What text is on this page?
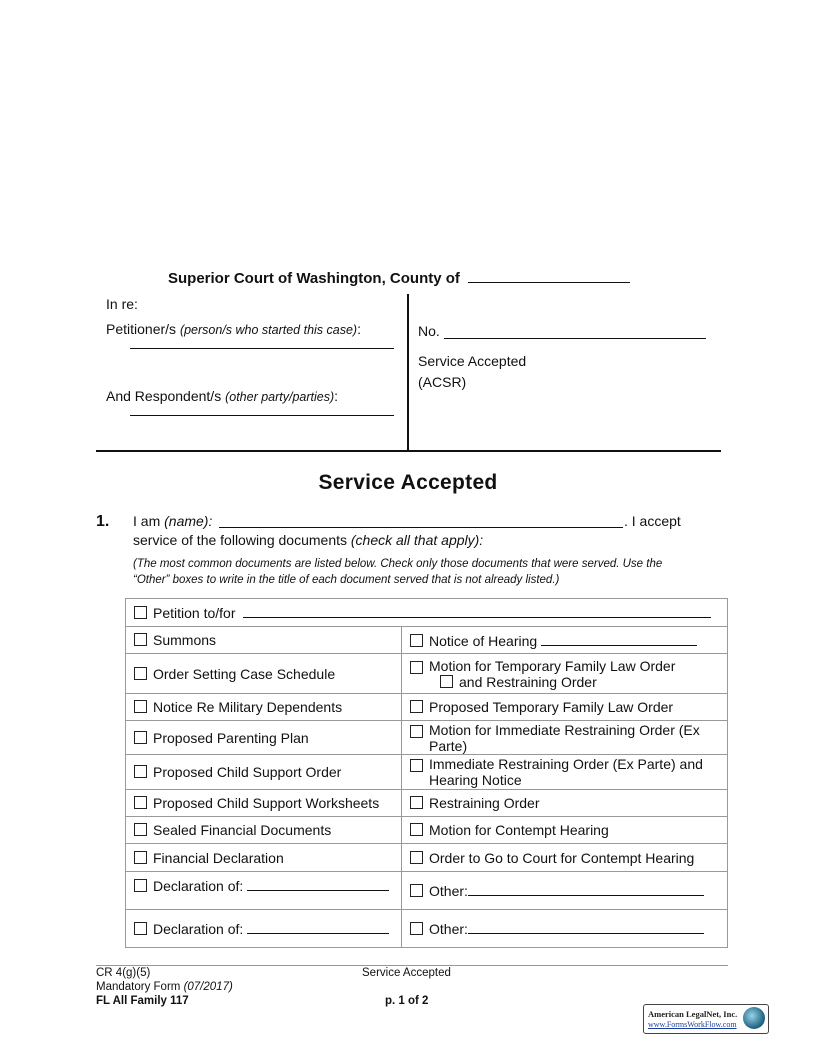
Superior Court of Washington, County of
In re:
Petitioner/s (person/s who started this case):
And Respondent/s (other party/parties):
No.
Service Accepted
(ACSR)
Service Accepted
1. I am (name):	. I accept
service of the following documents (check all that apply):
(The most common documents are listed below. Check only those documents that were served. Use the
“Other” boxes to write in the title of each document served that is not already listed.)
Petition to/for	
Summons	Notice of Hearing
Order Setting Case Schedule	Motion for Temporary Family Law Order
and Restraining Order

Notice Re Military Dependents	Proposed Temporary Family Law Order
Proposed Parenting Plan	Motion for Immediate Restraining Order (Ex Parte)

Proposed Child Support Order	Immediate Restraining Order (Ex Parte) and Hearing Notice

Proposed Child Support Worksheets	Restraining Order
Sealed Financial Documents	Motion for Contempt Hearing
Financial Declaration	Order to Go to Court for Contempt Hearing
Declaration of:	Other:
Declaration of:	Other:
CR 4(g)(5)
Mandatory Form (07/2017)
FL All Family 117
Service Accepted
p. 1 of 2
American LegalNet, Inc.
www.FormsWorkFlow.com
